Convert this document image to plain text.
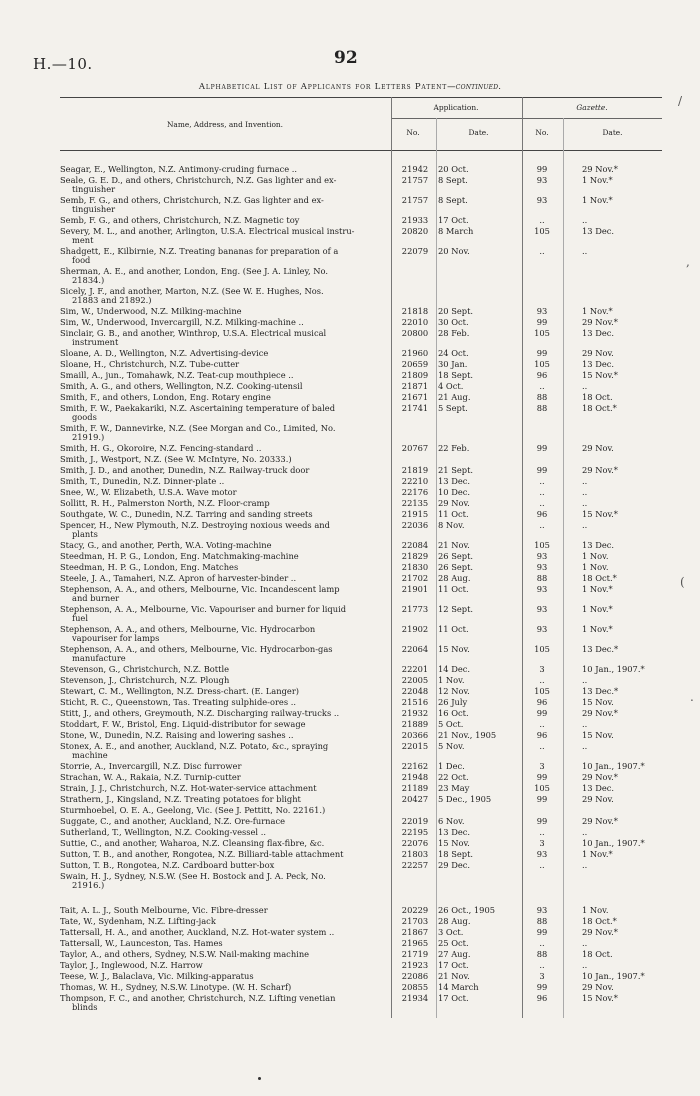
H.—10.	92
Alphabetical List of Applicants for Letters Patent—continued.
Name, Address, and Invention.
Application.	Gazette.
No.	Date.	No.	Date.
Seagar, E., Wellington, N.Z. Antimony-cruding furnace ..	21942	20 Oct.	99	29 Nov.*
Seale, G. E. D., and others, Christchurch, N.Z. Gas lighter and ex-	21757	8 Sept.	93	1 Nov.*
tinguisher
Semb, F. G., and others, Christchurch, N.Z. Gas lighter and ex-	21757	8 Sept.	93	1 Nov.*
tinguisher
Semb, F. G., and others, Christchurch, N.Z. Magnetic toy	21933	17 Oct.	..	..
Severy, M. L., and another, Arlington, U.S.A. Electrical musical instru-	20820	8 March	105	13 Dec.
ment
Shadgett, E., Kilbirnie, N.Z. Treating bananas for preparation of a	22079	20 Nov.	..	..
food
Sherman, A. E., and another, London, Eng. (See J. A. Linley, No.
21834.)
Sicely, J. F., and another, Marton, N.Z. (See W. E. Hughes, Nos.
21883 and 21892.)
Sim, W., Underwood, N.Z. Milking-machine	21818	20 Sept.	93	1 Nov.*
Sim, W., Underwood, Invercargill, N.Z. Milking-machine ..	22010	30 Oct.	99	29 Nov.*
Sinclair, G. B., and another, Winthrop, U.S.A. Electrical musical	20800	28 Feb.	105	13 Dec.
instrument
Sloane, A. D., Wellington, N.Z. Advertising-device	21960	24 Oct.	99	29 Nov.
Sloane, H., Christchurch, N.Z. Tube-cutter	20659	30 Jan.	105	13 Dec.
Smaill, A., jun., Tomahawk, N.Z. Teat-cup mouthpiece ..	21809	18 Sept.	96	15 Nov.*
Smith, A. G., and others, Wellington, N.Z. Cooking-utensil	21871	4 Oct.	..	..
Smith, F., and others, London, Eng. Rotary engine	21671	21 Aug.	88	18 Oct.
Smith, F. W., Paekakariki, N.Z. Ascertaining temperature of baled	21741	5 Sept.	88	18 Oct.*
goods
Smith, F. W., Dannevirke, N.Z. (See Morgan and Co., Limited, No.
21919.)
Smith, H. G., Okoroire, N.Z. Fencing-standard ..	20767	22 Feb.	99	29 Nov.
Smith, J., Westport, N.Z. (See W. McIntyre, No. 20333.)
Smith, J. D., and another, Dunedin, N.Z. Railway-truck door	21819	21 Sept.	99	29 Nov.*
Smith, T., Dunedin, N.Z. Dinner-plate ..	22210	13 Dec.	..	..
Snee, W., W. Elizabeth, U.S.A. Wave motor	22176	10 Dec.	..	..
Sollitt, R. H., Palmerston North, N.Z. Floor-cramp	22135	29 Nov.	..	..
Southgate, W. C., Dunedin, N.Z. Tarring and sanding streets	21915	11 Oct.	96	15 Nov.*
Spencer, H., New Plymouth, N.Z. Destroying noxious weeds and	22036	8 Nov.	..	..
plants
Stacy, G., and another, Perth, W.A. Voting-machine	22084	21 Nov.	105	13 Dec.
Steedman, H. P. G., London, Eng. Matchmaking-machine	21829	26 Sept.	93	1 Nov.
Steedman, H. P. G., London, Eng. Matches	21830	26 Sept.	93	1 Nov.
Steele, J. A., Tamaheri, N.Z. Apron of harvester-binder ..	21702	28 Aug.	88	18 Oct.*
Stephenson, A. A., and others, Melbourne, Vic. Incandescent lamp	21901	11 Oct.	93	1 Nov.*
and burner
Stephenson, A. A., Melbourne, Vic. Vapouriser and burner for liquid	21773	12 Sept.	93	1 Nov.*
fuel
Stephenson, A. A., and others, Melbourne, Vic. Hydrocarbon	21902	11 Oct.	93	1 Nov.*
vapouriser for lamps
Stephenson, A. A., and others, Melbourne, Vic. Hydrocarbon-gas	22064	15 Nov.	105	13 Dec.*
manufacture
Stevenson, G., Christchurch, N.Z. Bottle	22201	14 Dec.	3	10 Jan., 1907.*
Stevenson, J., Christchurch, N.Z. Plough	22005	1 Nov.	..	..
Stewart, C. M., Wellington, N.Z. Dress-chart. (E. Langer)	22048	12 Nov.	105	13 Dec.*
Sticht, R. C., Queenstown, Tas. Treating sulphide-ores ..	21516	26 July	96	15 Nov.
Stitt, J., and others, Greymouth, N.Z. Discharging railway-trucks ..	21932	16 Oct.	99	29 Nov.*
Stoddart, F. W., Bristol, Eng. Liquid-distributor for sewage	21889	5 Oct.	..	..
Stone, W., Dunedin, N.Z. Raising and lowering sashes ..	20366	21 Nov., 1905	96	15 Nov.
Stonex, A. E., and another, Auckland, N.Z. Potato, &c., spraying	22015	5 Nov.	..	..
machine
Storrie, A., Invercargill, N.Z. Disc furrower	22162	1 Dec.	3	10 Jan., 1907.*
Strachan, W. A., Rakaia, N.Z. Turnip-cutter	21948	22 Oct.	99	29 Nov.*
Strain, J. J., Christchurch, N.Z. Hot-water-service attachment	21189	23 May	105	13 Dec.
Strathern, J., Kingsland, N.Z. Treating potatoes for blight	20427	5 Dec., 1905	99	29 Nov.
Sturmhoebel, O. E. A., Geelong, Vic. (See J. Pettitt, No. 22161.)
Suggate, C., and another, Auckland, N.Z. Ore-furnace	22019	6 Nov.	99	29 Nov.*
Sutherland, T., Wellington, N.Z. Cooking-vessel ..	22195	13 Dec.	..	..
Suttie, C., and another, Waharoa, N.Z. Cleansing flax-fibre, &c.	22076	15 Nov.	3	10 Jan., 1907.*
Sutton, T. B., and another, Rongotea, N.Z. Billiard-table attachment	21803	18 Sept.	93	1 Nov.*
Sutton, T. B., Rongotea, N.Z. Cardboard butter-box	22257	29 Dec.	..	..
Swain, H. J., Sydney, N.S.W. (See H. Bostock and J. A. Peck, No.
21916.)
Tait, A. L. J., South Melbourne, Vic. Fibre-dresser	20229	26 Oct., 1905	93	1 Nov.
Tate, W., Sydenham, N.Z. Lifting-jack	21703	28 Aug.	88	18 Oct.*
Tattersall, H. A., and another, Auckland, N.Z. Hot-water system ..	21867	3 Oct.	99	29 Nov.*
Tattersall, W., Launceston, Tas. Hames	21965	25 Oct.	..	..
Taylor, A., and others, Sydney, N.S.W. Nail-making machine	21719	27 Aug.	88	18 Oct.
Taylor, J., Inglewood, N.Z. Harrow	21923	17 Oct.	..	..
Teese, W. J., Balaclava, Vic. Milking-apparatus	22086	21 Nov.	3	10 Jan., 1907.*
Thomas, W. H., Sydney, N.S.W. Linotype. (W. H. Scharf)	20855	14 March	99	29 Nov.
Thompson, F. C., and another, Christchurch, N.Z. Lifting venetian	21934	17 Oct.	96	15 Nov.*
blinds
/
,
(
.
